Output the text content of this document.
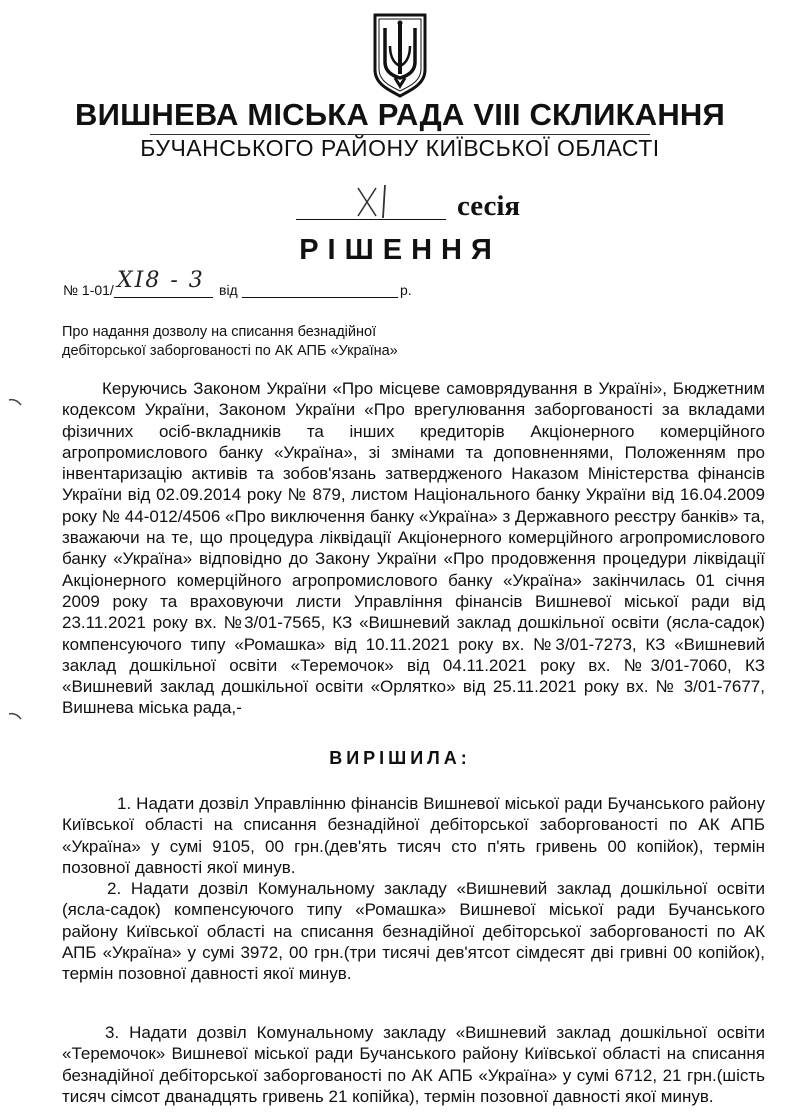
ВИШНЕВА МІСЬКА РАДА VIII СКЛИКАННЯ
БУЧАНСЬКОГО РАЙОНУ КИЇВСЬКОЇ ОБЛАСТІ
сесія
РІШЕННЯ
№ 1-01/ XI8 - 3 від	р.
Про надання дозволу на списання безнадійної дебіторської заборгованості по АК АПБ «Україна»
Керуючись Законом України «Про місцеве самоврядування в Україні», Бюджетним кодексом України, Законом України «Про врегулювання заборгованості за вкладами фізичних осіб-вкладників та інших кредиторів Акціонерного комерційного агропромислового банку «Україна», зі змінами та доповненнями, Положенням про інвентаризацію активів та зобов'язань затвердженого Наказом Міністерства фінансів України від 02.09.2014 року № 879, листом Національного банку України від 16.04.2009 року № 44-012/4506 «Про виключення банку «Україна» з Державного реєстру банків» та, зважаючи на те, що процедура ліквідації Акціонерного комерційного агропромислового банку «Україна» відповідно до Закону України «Про продовження процедури ліквідації Акціонерного комерційного агропромислового банку «Україна» закінчилась 01 січня 2009 року та враховуючи листи Управління фінансів Вишневої міської ради від 23.11.2021 року вх. №3/01-7565, КЗ «Вишневий заклад дошкільної освіти (ясла-садок) компенсуючого типу «Ромашка» від 10.11.2021 року вх. №3/01-7273, КЗ «Вишневий заклад дошкільної освіти «Теремочок» від 04.11.2021 року вх. №3/01-7060, КЗ «Вишневий заклад дошкільної освіти «Орлятко» від 25.11.2021 року вх. № 3/01-7677, Вишнева міська рада,-
ВИРІШИЛА:
1. Надати дозвіл Управлінню фінансів Вишневої міської ради Бучанського району Київської області на списання безнадійної дебіторської заборгованості по АК АПБ «Україна» у сумі 9105, 00 грн.(дев'ять тисяч сто п'ять гривень 00 копійок), термін позовної давності якої минув.
2. Надати дозвіл Комунальному закладу «Вишневий заклад дошкільної освіти (ясла-садок) компенсуючого типу «Ромашка» Вишневої міської ради Бучанського району Київської області на списання безнадійної дебіторської заборгованості по АК АПБ «Україна» у сумі 3972, 00 грн.(три тисячі дев'ятсот сімдесят дві гривні 00 копійок), термін позовної давності якої минув.
3. Надати дозвіл Комунальному закладу «Вишневий заклад дошкільної освіти «Теремочок» Вишневої міської ради Бучанського району Київської області на списання безнадійної дебіторської заборгованості по АК АПБ «Україна» у сумі 6712, 21 грн.(шість тисяч сімсот дванадцять гривень 21 копійка), термін позовної давності якої минув.
